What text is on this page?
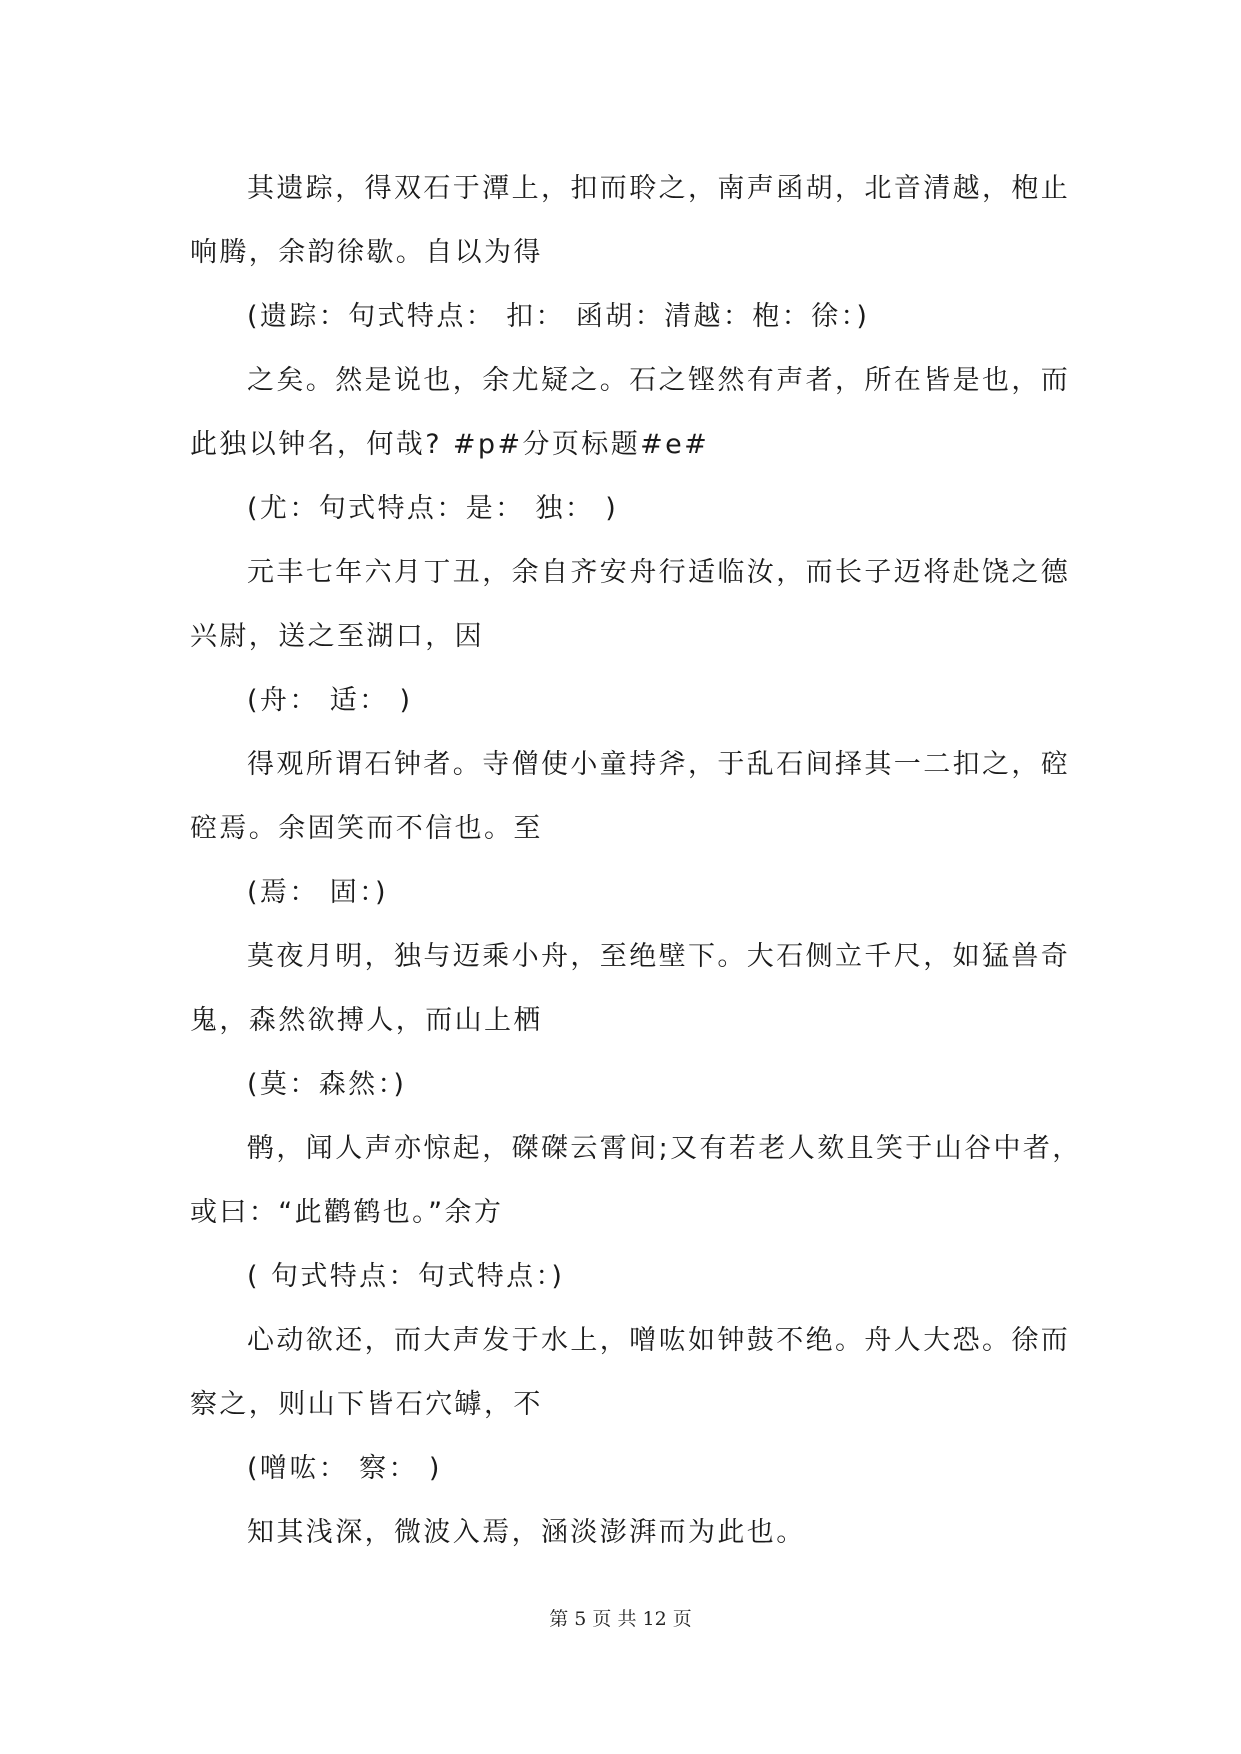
其遗踪，得双石于潭上，扣而聆之，南声函胡，北音清越，枹止
响腾，余韵徐歇。自以为得
(遗踪：句式特点： 扣： 函胡：清越：枹：徐：)
之矣。然是说也，余尤疑之。石之铿然有声者，所在皆是也，而
此独以钟名，何哉? #p#分页标题#e#
(尤：句式特点：是： 独： )
元丰七年六月丁丑，余自齐安舟行适临汝，而长子迈将赴饶之德
兴尉，送之至湖口，因
(舟： 适： )
得观所谓石钟者。寺僧使小童持斧，于乱石间择其一二扣之，硿
硿焉。余固笑而不信也。至
(焉： 固：)
莫夜月明，独与迈乘小舟，至绝壁下。大石侧立千尺，如猛兽奇
鬼，森然欲搏人，而山上栖
(莫：森然：)
鹘，闻人声亦惊起，磔磔云霄间;又有若老人欬且笑于山谷中者，
或曰：“此鹳鹤也。”余方
( 句式特点：句式特点：)
心动欲还，而大声发于水上，噌吰如钟鼓不绝。舟人大恐。徐而
察之，则山下皆石穴罅，不
(噌吰： 察： )
知其浅深，微波入焉，涵淡澎湃而为此也。
第 5 页 共 12 页
